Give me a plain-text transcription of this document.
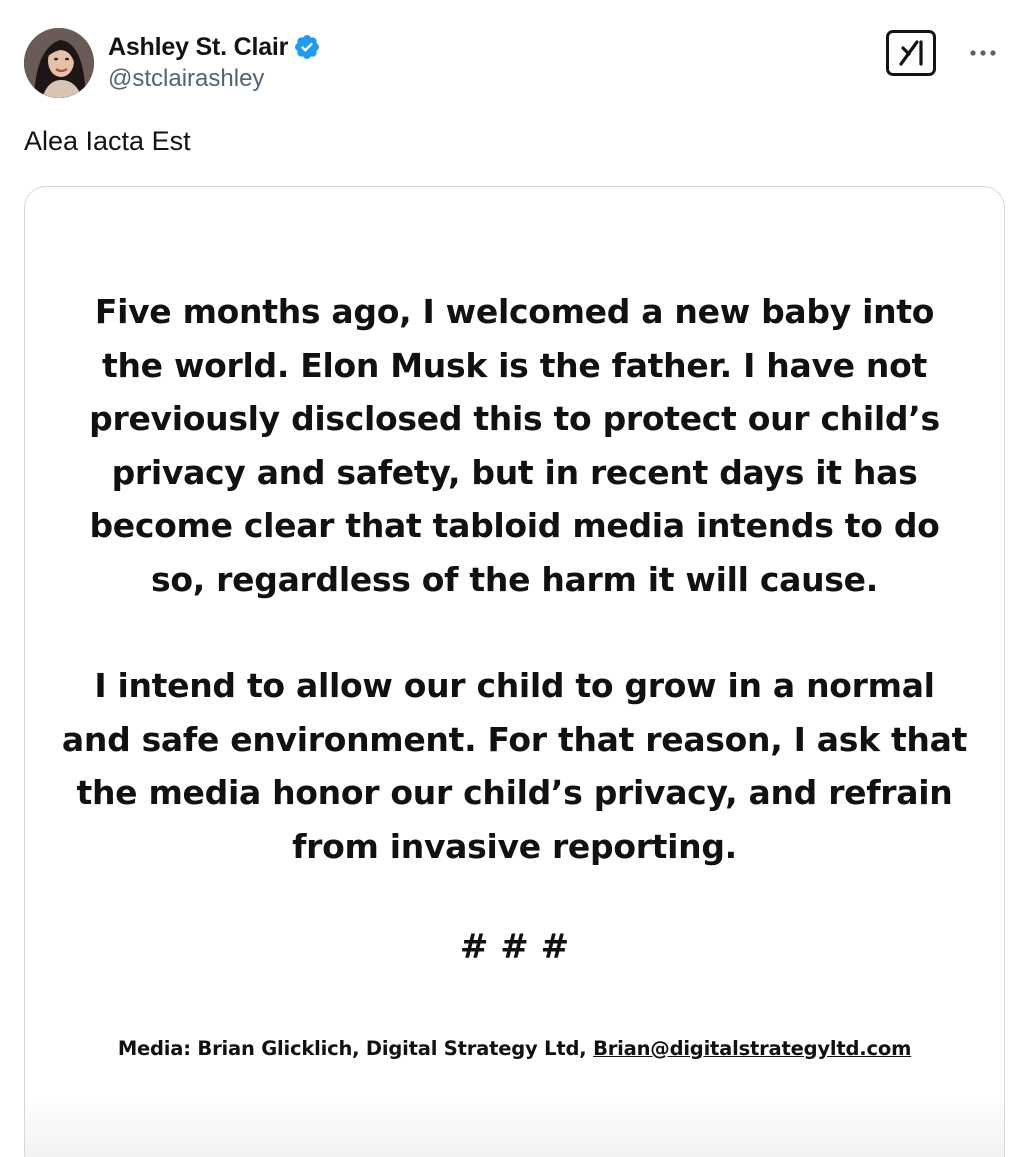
Ashley St. Clair
@stclairashley
Alea Iacta Est
Five months ago, I welcomed a new baby into the world. Elon Musk is the father. I have not previously disclosed this to protect our child’s privacy and safety, but in recent days it has become clear that tabloid media intends to do so, regardless of the harm it will cause.
I intend to allow our child to grow in a normal and safe environment. For that reason, I ask that the media honor our child’s privacy, and refrain from invasive reporting.
# # #
Media: Brian Glicklich, Digital Strategy Ltd, Brian@digitalstrategyltd.com
